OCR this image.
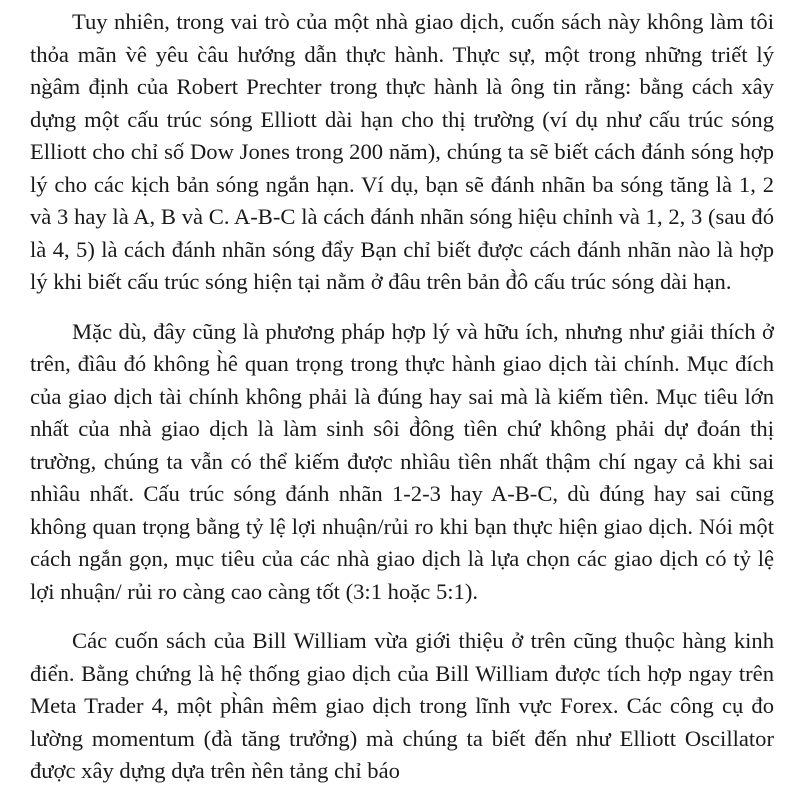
Tuy nhiên, trong vai trò của một nhà giao dịch, cuốn sách này không làm tôi thỏa mãn v̀ê yêu c̀âu hướng dẫn thực hành. Thực sự, một trong những triết lý ng̀âm định của Robert Prechter trong thực hành là ông tin rằng: bằng cách xây dựng một cấu trúc sóng Elliott dài hạn cho thị trường (ví dụ như cấu trúc sóng Elliott cho chỉ số Dow Jones trong 200 năm), chúng ta sẽ biết cách đánh sóng hợp lý cho các kịch bản sóng ngắn hạn. Ví dụ, bạn sẽ đánh nhãn ba sóng tăng là 1, 2 và 3 hay là A, B và C. A-B-C là cách đánh nhãn sóng hiệu chỉnh và 1, 2, 3 (sau đó là 4, 5) là cách đánh nhãn sóng đẩy Bạn chỉ biết được cách đánh nhãn nào là hợp lý khi biết cấu trúc sóng hiện tại nằm ở đâu trên bản đ̀ô cấu trúc sóng dài hạn.

Mặc dù, đây cũng là phương pháp hợp lý và hữu ích, nhưng như giải thích ở trên, đìâu đó không h̀ê quan trọng trong thực hành giao dịch tài chính. Mục đích của giao dịch tài chính không phải là đúng hay sai mà là kiếm tìên. Mục tiêu lớn nhất của nhà giao dịch là làm sinh sôi đ̀ông tìên chứ không phải dự đoán thị trường, chúng ta vẫn có thể kiếm được nhìâu tìên nhất thậm chí ngay cả khi sai nhìâu nhất. Cấu trúc sóng đánh nhãn 1-2-3 hay A-B-C, dù đúng hay sai cũng không quan trọng bằng tỷ lệ lợi nhuận/rủi ro khi bạn thực hiện giao dịch. Nói một cách ngắn gọn, mục tiêu của các nhà giao dịch là lựa chọn các giao dịch có tỷ lệ lợi nhuận/ rủi ro càng cao càng tốt (3:1 hoặc 5:1).

Các cuốn sách của Bill William vừa giới thiệu ở trên cũng thuộc hàng kinh điển. Bằng chứng là hệ thống giao dịch của Bill William được tích hợp ngay trên Meta Trader 4, một ph̀ân m̀êm giao dịch trong lĩnh vực Forex. Các công cụ đo lường momentum (đà tăng trưởng) mà chúng ta biết đến như Elliott Oscillator được xây dựng dựa trên ǹên tảng chỉ báo
